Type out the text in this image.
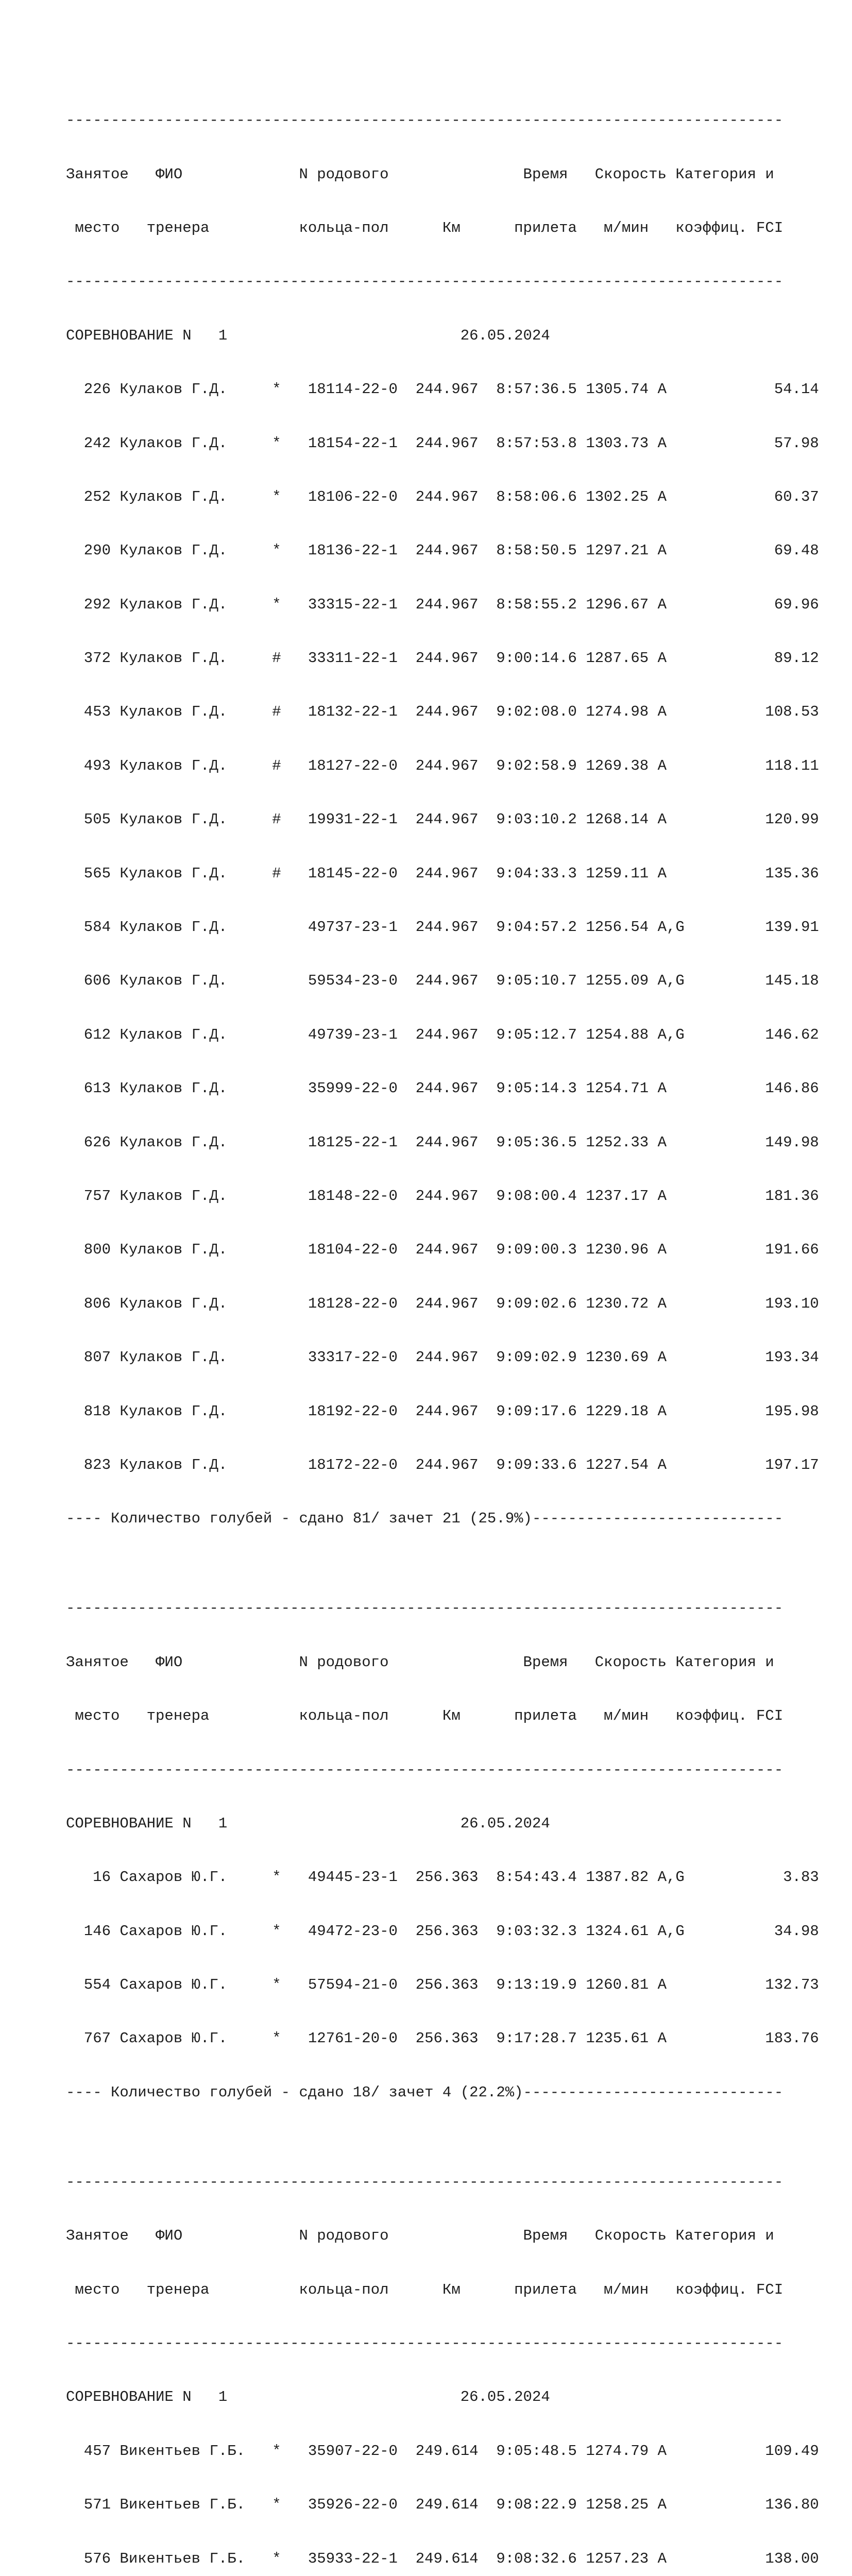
--------------------------------------------------------------------------------

Занятое   ФИО             N родового               Время   Скорость Категория и

место   тренера          кольца-пол      Км      прилета   м/мин   коэффиц. FCI

--------------------------------------------------------------------------------

СОРЕВНОВАНИЕ N   1                          26.05.2024

226 Кулаков Г.Д.     *   18114-22-0  244.967  8:57:36.5 1305.74 A            54.14

242 Кулаков Г.Д.     *   18154-22-1  244.967  8:57:53.8 1303.73 A            57.98

252 Кулаков Г.Д.     *   18106-22-0  244.967  8:58:06.6 1302.25 A            60.37

290 Кулаков Г.Д.     *   18136-22-1  244.967  8:58:50.5 1297.21 A            69.48

292 Кулаков Г.Д.     *   33315-22-1  244.967  8:58:55.2 1296.67 A            69.96

372 Кулаков Г.Д.     #   33311-22-1  244.967  9:00:14.6 1287.65 A            89.12

453 Кулаков Г.Д.     #   18132-22-1  244.967  9:02:08.0 1274.98 A           108.53

493 Кулаков Г.Д.     #   18127-22-0  244.967  9:02:58.9 1269.38 A           118.11

505 Кулаков Г.Д.     #   19931-22-1  244.967  9:03:10.2 1268.14 A           120.99

565 Кулаков Г.Д.     #   18145-22-0  244.967  9:04:33.3 1259.11 A           135.36

584 Кулаков Г.Д.         49737-23-1  244.967  9:04:57.2 1256.54 A,G         139.91

606 Кулаков Г.Д.         59534-23-0  244.967  9:05:10.7 1255.09 A,G         145.18

612 Кулаков Г.Д.         49739-23-1  244.967  9:05:12.7 1254.88 A,G         146.62

613 Кулаков Г.Д.         35999-22-0  244.967  9:05:14.3 1254.71 A           146.86

626 Кулаков Г.Д.         18125-22-1  244.967  9:05:36.5 1252.33 A           149.98

757 Кулаков Г.Д.         18148-22-0  244.967  9:08:00.4 1237.17 A           181.36

800 Кулаков Г.Д.         18104-22-0  244.967  9:09:00.3 1230.96 A           191.66

806 Кулаков Г.Д.         18128-22-0  244.967  9:09:02.6 1230.72 A           193.10

807 Кулаков Г.Д.         33317-22-0  244.967  9:09:02.9 1230.69 A           193.34

818 Кулаков Г.Д.         18192-22-0  244.967  9:09:17.6 1229.18 A           195.98

823 Кулаков Г.Д.         18172-22-0  244.967  9:09:33.6 1227.54 A           197.17

---- Количество голубей - сдано 81/ зачет 21 (25.9%)----------------------------

--------------------------------------------------------------------------------

Занятое   ФИО             N родового               Время   Скорость Категория и

место   тренера          кольца-пол      Км      прилета   м/мин   коэффиц. FCI

--------------------------------------------------------------------------------

СОРЕВНОВАНИЕ N   1                          26.05.2024

16 Сахаров Ю.Г.     *   49445-23-1  256.363  8:54:43.4 1387.82 A,G           3.83

146 Сахаров Ю.Г.     *   49472-23-0  256.363  9:03:32.3 1324.61 A,G          34.98

554 Сахаров Ю.Г.     *   57594-21-0  256.363  9:13:19.9 1260.81 A           132.73

767 Сахаров Ю.Г.     *   12761-20-0  256.363  9:17:28.7 1235.61 A           183.76

---- Количество голубей - сдано 18/ зачет 4 (22.2%)-----------------------------

--------------------------------------------------------------------------------

Занятое   ФИО             N родового               Время   Скорость Категория и

место   тренера          кольца-пол      Км      прилета   м/мин   коэффиц. FCI

--------------------------------------------------------------------------------

СОРЕВНОВАНИЕ N   1                          26.05.2024

457 Викентьев Г.Б.   *   35907-22-0  249.614  9:05:48.5 1274.79 A           109.49

571 Викентьев Г.Б.   *   35926-22-0  249.614  9:08:22.9 1258.25 A           136.80

576 Викентьев Г.Б.   *   35933-22-1  249.614  9:08:32.6 1257.23 A           138.00
